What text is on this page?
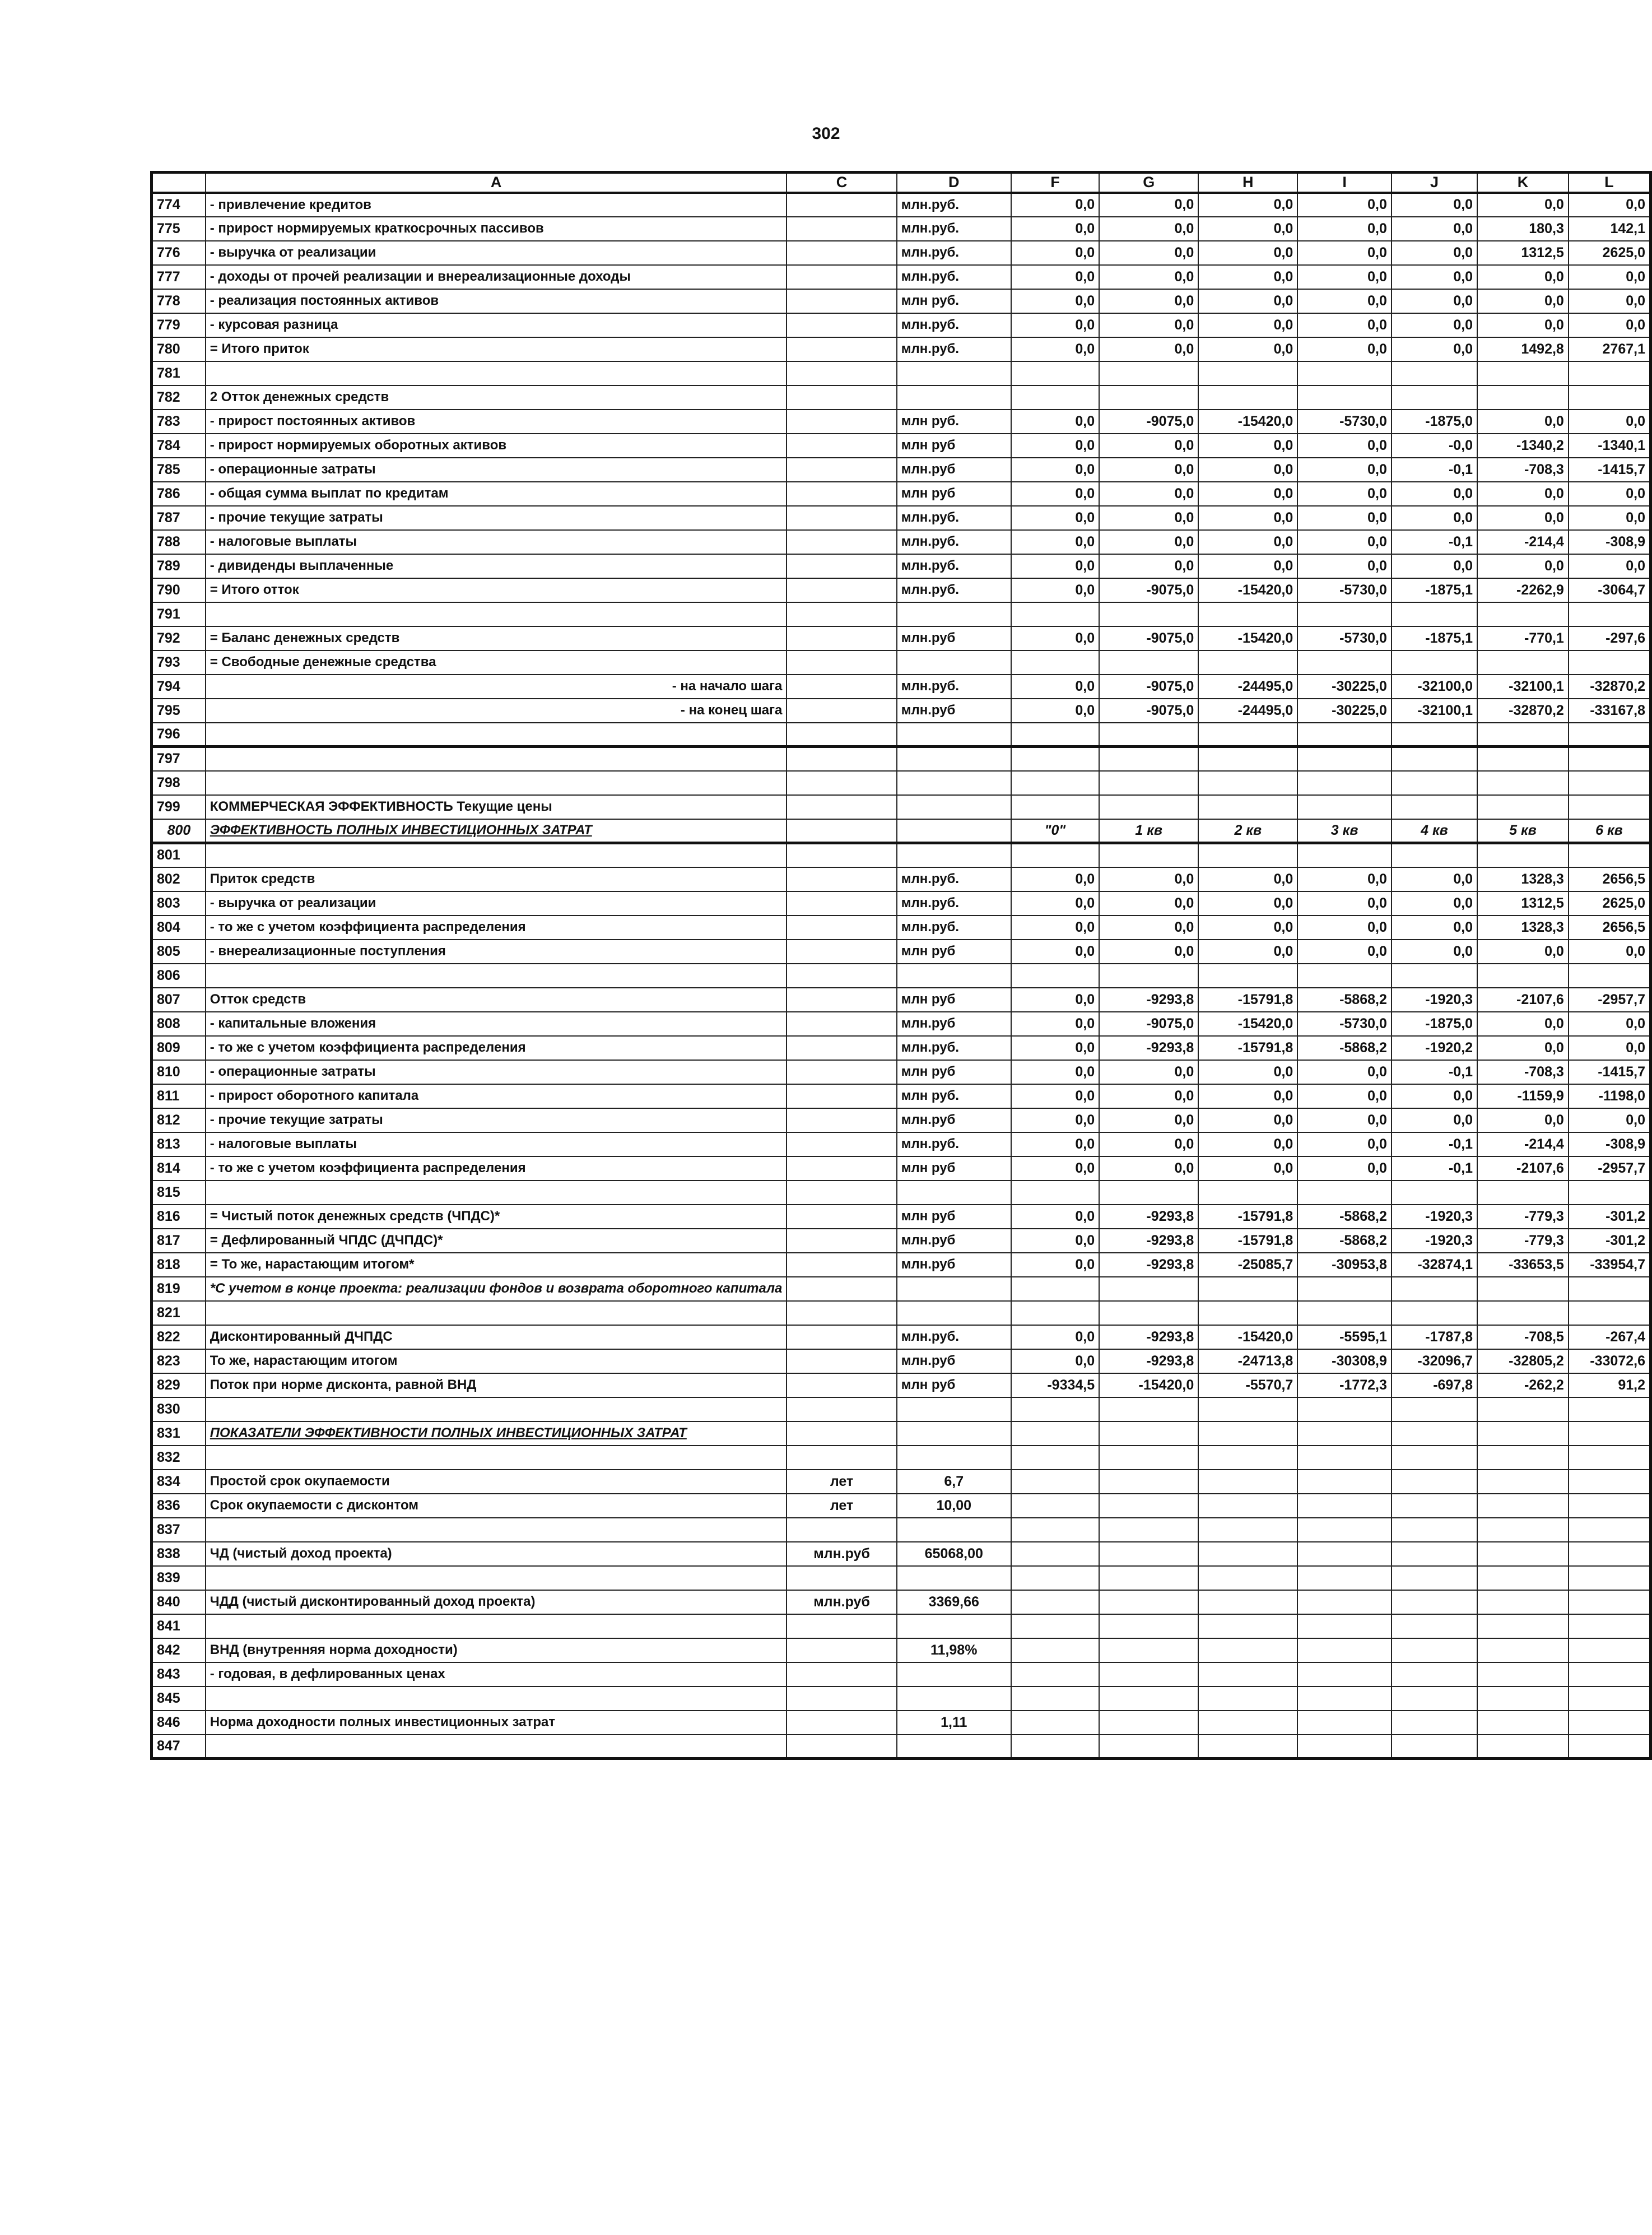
302
	A	C	D	F	G	H	I	J	K	L
774	- привлечение кредитов		млн.руб.	0,0	0,0	0,0	0,0	0,0	0,0	0,0
775	- прирост нормируемых краткосрочных пассивов		млн.руб.	0,0	0,0	0,0	0,0	0,0	180,3	142,1
776	- выручка от реализации		млн.руб.	0,0	0,0	0,0	0,0	0,0	1312,5	2625,0
777	- доходы от прочей реализации и внереализационные доходы		млн.руб.	0,0	0,0	0,0	0,0	0,0	0,0	0,0
778	- реализация постоянных активов		млн руб.	0,0	0,0	0,0	0,0	0,0	0,0	0,0
779	- курсовая разница		млн.руб.	0,0	0,0	0,0	0,0	0,0	0,0	0,0
780	= Итого приток		млн.руб.	0,0	0,0	0,0	0,0	0,0	1492,8	2767,1
781										
782	2 Отток денежных средств									
783	- прирост постоянных активов		млн руб.	0,0	-9075,0	-15420,0	-5730,0	-1875,0	0,0	0,0
784	- прирост нормируемых оборотных активов		млн руб	0,0	0,0	0,0	0,0	-0,0	-1340,2	-1340,1
785	- операционные затраты		млн.руб	0,0	0,0	0,0	0,0	-0,1	-708,3	-1415,7
786	- общая сумма выплат по кредитам		млн руб	0,0	0,0	0,0	0,0	0,0	0,0	0,0
787	- прочие текущие затраты		млн.руб.	0,0	0,0	0,0	0,0	0,0	0,0	0,0
788	- налоговые выплаты		млн.руб.	0,0	0,0	0,0	0,0	-0,1	-214,4	-308,9
789	- дивиденды выплаченные		млн.руб.	0,0	0,0	0,0	0,0	0,0	0,0	0,0
790	= Итого отток		млн.руб.	0,0	-9075,0	-15420,0	-5730,0	-1875,1	-2262,9	-3064,7
791										
792	= Баланс денежных средств		млн.руб	0,0	-9075,0	-15420,0	-5730,0	-1875,1	-770,1	-297,6
793	= Свободные денежные средства									
794	- на начало шага		млн.руб.	0,0	-9075,0	-24495,0	-30225,0	-32100,0	-32100,1	-32870,2
795	- на конец шага		млн.руб	0,0	-9075,0	-24495,0	-30225,0	-32100,1	-32870,2	-33167,8
796										
797										
798										
799	КОММЕРЧЕСКАЯ ЭФФЕКТИВНОСТЬ Текущие цены									
800	ЭФФЕКТИВНОСТЬ ПОЛНЫХ ИНВЕСТИЦИОННЫХ ЗАТРАТ			"0"	1 кв	2 кв	3 кв	4 кв	5 кв	6 кв
801										
802	Приток средств		млн.руб.	0,0	0,0	0,0	0,0	0,0	1328,3	2656,5
803	- выручка от реализации		млн.руб.	0,0	0,0	0,0	0,0	0,0	1312,5	2625,0
804	- то же с учетом коэффициента распределения		млн.руб.	0,0	0,0	0,0	0,0	0,0	1328,3	2656,5
805	- внереализационные поступления		млн руб	0,0	0,0	0,0	0,0	0,0	0,0	0,0
806										
807	Отток средств		млн руб	0,0	-9293,8	-15791,8	-5868,2	-1920,3	-2107,6	-2957,7
808	- капитальные вложения		млн.руб	0,0	-9075,0	-15420,0	-5730,0	-1875,0	0,0	0,0
809	- то же с учетом коэффициента распределения		млн.руб.	0,0	-9293,8	-15791,8	-5868,2	-1920,2	0,0	0,0
810	- операционные затраты		млн руб	0,0	0,0	0,0	0,0	-0,1	-708,3	-1415,7
811	- прирост оборотного капитала		млн руб.	0,0	0,0	0,0	0,0	0,0	-1159,9	-1198,0
812	- прочие текущие затраты		млн.руб	0,0	0,0	0,0	0,0	0,0	0,0	0,0
813	- налоговые выплаты		млн.руб.	0,0	0,0	0,0	0,0	-0,1	-214,4	-308,9
814	- то же с учетом коэффициента распределения		млн руб	0,0	0,0	0,0	0,0	-0,1	-2107,6	-2957,7
815										
816	= Чистый поток денежных средств (ЧПДС)*		млн руб	0,0	-9293,8	-15791,8	-5868,2	-1920,3	-779,3	-301,2
817	= Дефлированный ЧПДС (ДЧПДС)*		млн.руб	0,0	-9293,8	-15791,8	-5868,2	-1920,3	-779,3	-301,2
818	= То же, нарастающим итогом*		млн.руб	0,0	-9293,8	-25085,7	-30953,8	-32874,1	-33653,5	-33954,7
819	*С учетом в конце проекта: реализации фондов и возврата оборотного капитала									
821										
822	Дисконтированный ДЧПДС		млн.руб.	0,0	-9293,8	-15420,0	-5595,1	-1787,8	-708,5	-267,4
823	То же, нарастающим итогом		млн.руб	0,0	-9293,8	-24713,8	-30308,9	-32096,7	-32805,2	-33072,6
829	Поток при норме дисконта, равной ВНД		млн руб	-9334,5	-15420,0	-5570,7	-1772,3	-697,8	-262,2	91,2
830										
831	ПОКАЗАТЕЛИ ЭФФЕКТИВНОСТИ ПОЛНЫХ ИНВЕСТИЦИОННЫХ ЗАТРАТ									
832										
834	Простой срок окупаемости	лет	6,7							
836	Срок окупаемости с дисконтом	лет	10,00							
837										
838	ЧД (чистый доход проекта)	млн.руб	65068,00							
839										
840	ЧДД (чистый дисконтированный доход проекта)	млн.руб	3369,66							
841										
842	ВНД (внутренняя норма доходности)		11,98%							
843	- годовая, в дефлированных ценах									
845										
846	Норма доходности полных инвестиционных затрат		1,11							
847										
